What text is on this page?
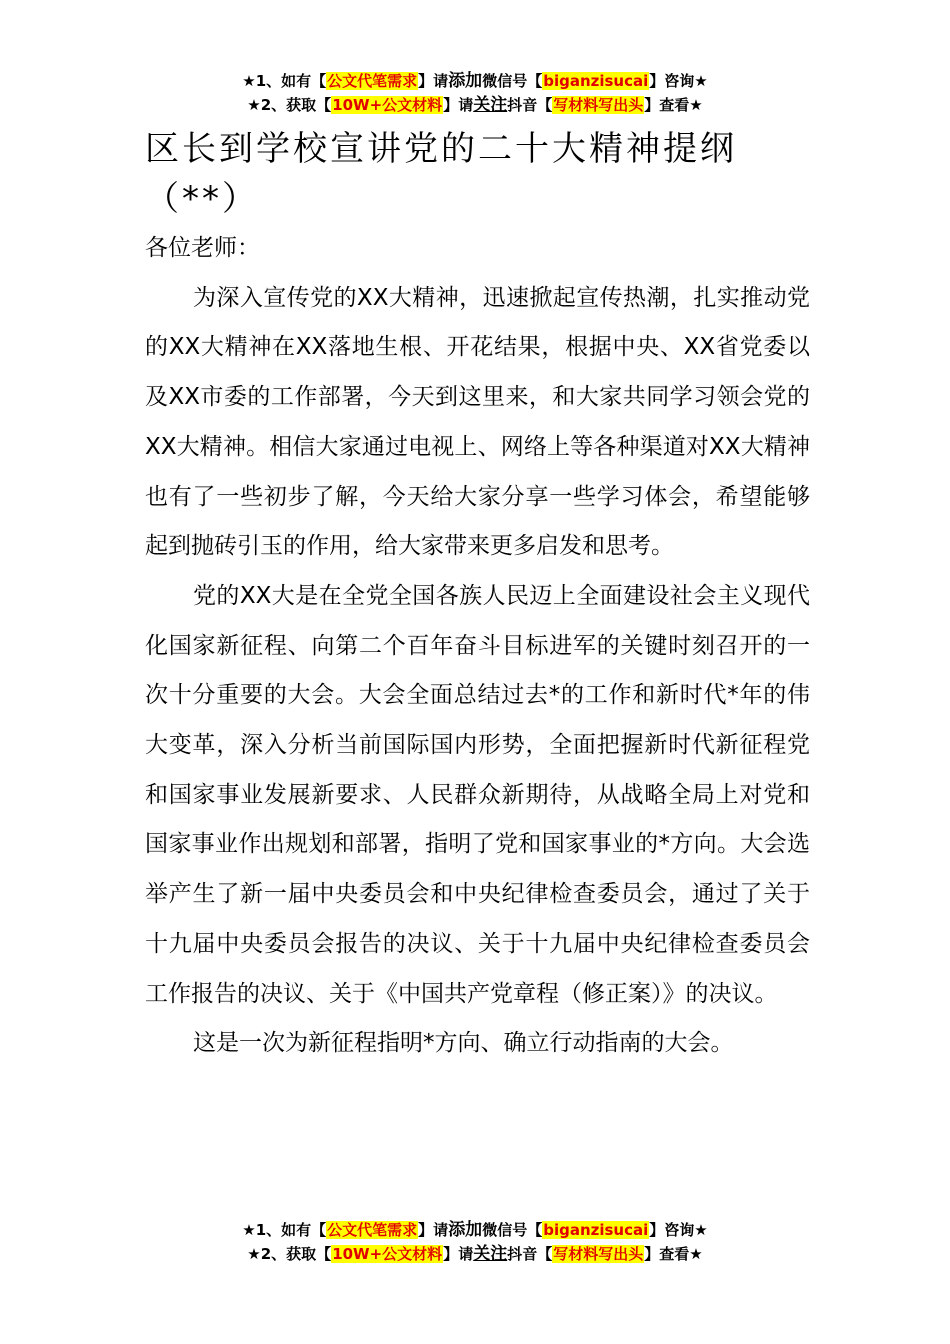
★1、如有【公文代笔需求】请添加微信号【biganzisucai】咨询★
★2、获取【10W+公文材料】请关注抖音【写材料写出头】查看★
区长到学校宣讲党的二十大精神提纲（**）

各位老师：

为深入宣传党的XX大精神，迅速掀起宣传热潮，扎实推动党的XX大精神在XX落地生根、开花结果，根据中央、XX省党委以及XX市委的工作部署，今天到这里来，和大家共同学习领会党的XX大精神。相信大家通过电视上、网络上等各种渠道对XX大精神也有了一些初步了解，今天给大家分享一些学习体会，希望能够起到抛砖引玉的作用，给大家带来更多启发和思考。

党的XX大是在全党全国各族人民迈上全面建设社会主义现代化国家新征程、向第二个百年奋斗目标进军的关键时刻召开的一次十分重要的大会。大会全面总结过去*的工作和新时代*年的伟大变革，深入分析当前国际国内形势，全面把握新时代新征程党和国家事业发展新要求、人民群众新期待，从战略全局上对党和国家事业作出规划和部署，指明了党和国家事业的*方向。大会选举产生了新一届中央委员会和中央纪律检查委员会，通过了关于十九届中央委员会报告的决议、关于十九届中央纪律检查委员会工作报告的决议、关于《中国共产党章程（修正案）》的决议。

这是一次为新征程指明*方向、确立行动指南的大会。

★1、如有【公文代笔需求】请添加微信号【biganzisucai】咨询★
★2、获取【10W+公文材料】请关注抖音【写材料写出头】查看★
